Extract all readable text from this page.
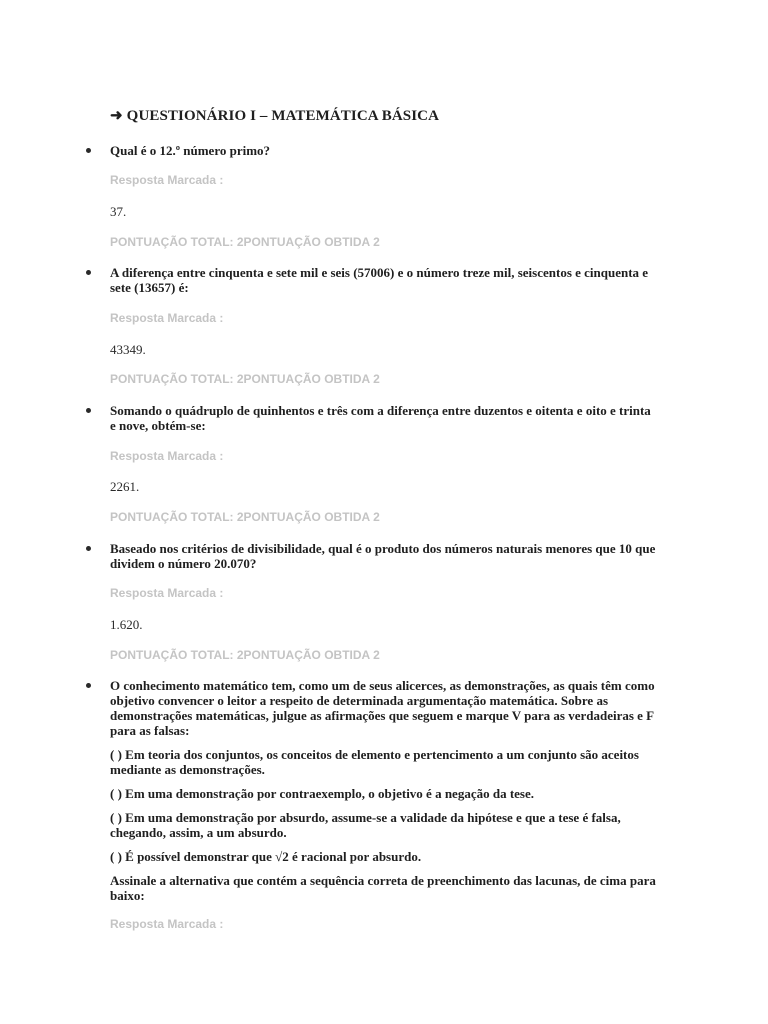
➜ QUESTIONÁRIO I – MATEMÁTICA BÁSICA
Qual é o 12.º número primo?
Resposta Marcada :
37.
PONTUAÇÃO TOTAL: 2PONTUAÇÃO OBTIDA 2
A diferença entre cinquenta e sete mil e seis (57006) e o número treze mil, seiscentos e cinquenta e sete (13657) é:
Resposta Marcada :
43349.
PONTUAÇÃO TOTAL: 2PONTUAÇÃO OBTIDA 2
Somando o quádruplo de quinhentos e três com a diferença entre duzentos e oitenta e oito e trinta e nove, obtém-se:
Resposta Marcada :
2261.
PONTUAÇÃO TOTAL: 2PONTUAÇÃO OBTIDA 2
Baseado nos critérios de divisibilidade, qual é o produto dos números naturais menores que 10 que dividem o número 20.070?
Resposta Marcada :
1.620.
PONTUAÇÃO TOTAL: 2PONTUAÇÃO OBTIDA 2

O conhecimento matemático tem, como um de seus alicerces, as demonstrações, as quais têm como objetivo convencer o leitor a respeito de determinada argumentação matemática. Sobre as demonstrações matemáticas, julgue as afirmações que seguem e marque V para as verdadeiras e F para as falsas:

( ) Em teoria dos conjuntos, os conceitos de elemento e pertencimento a um conjunto são aceitos mediante as demonstrações.

( ) Em uma demonstração por contraexemplo, o objetivo é a negação da tese.

( ) Em uma demonstração por absurdo, assume-se a validade da hipótese e que a tese é falsa, chegando, assim, a um absurdo.

( ) É possível demonstrar que √2 é racional por absurdo.

Assinale a alternativa que contém a sequência correta de preenchimento das lacunas, de cima para baixo:

Resposta Marcada :
